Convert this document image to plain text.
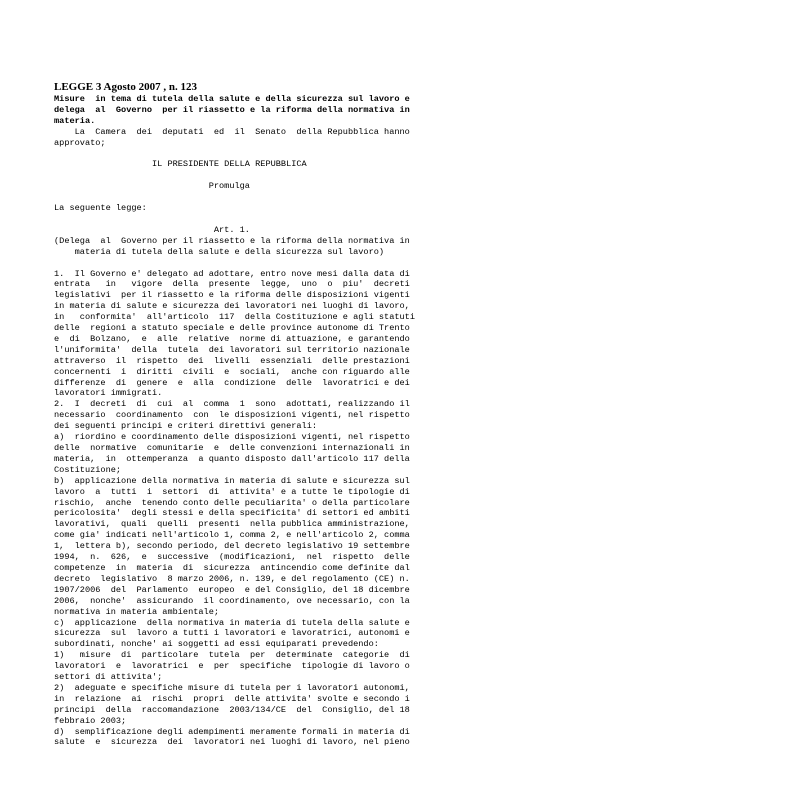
LEGGE 3 Agosto 2007 , n. 123

Misure  in tema di tutela della salute e della sicurezza sul lavoro e
delega  al  Governo  per il riassetto e la riforma della normativa in
materia.

La  Camera  dei  deputati  ed  il  Senato  della Repubblica hanno
approvato;

IL PRESIDENTE DELLA REPUBBLICA

Promulga

La seguente legge:

Art. 1.
(Delega  al  Governo per il riassetto e la riforma della normativa in
materia di tutela della salute e della sicurezza sul lavoro)

1.  Il Governo e' delegato ad adottare, entro nove mesi dalla data di
entrata   in   vigore  della  presente  legge,  uno  o  piu'  decreti
legislativi  per il riassetto e la riforma delle disposizioni vigenti
in materia di salute e sicurezza dei lavoratori nei luoghi di lavoro,
in   conformita'  all'articolo  117  della Costituzione e agli statuti
delle  regioni a statuto speciale e delle province autonome di Trento
e  di  Bolzano,  e  alle  relative  norme di attuazione, e garantendo
l'uniformita'  della  tutela  dei lavoratori sul territorio nazionale
attraverso  il  rispetto  dei  livelli  essenziali  delle prestazioni
concernenti  i  diritti  civili  e  sociali,  anche con riguardo alle
differenze  di  genere  e  alla  condizione  delle  lavoratrici e dei
lavoratori immigrati.
2.  I  decreti  di  cui  al  comma  1  sono  adottati, realizzando il
necessario  coordinamento  con  le disposizioni vigenti, nel rispetto
dei seguenti principi e criteri direttivi generali:
a)  riordino e coordinamento delle disposizioni vigenti, nel rispetto
delle  normative  comunitarie  e  delle convenzioni internazionali in
materia,  in  ottemperanza  a quanto disposto dall'articolo 117 della
Costituzione;
b)  applicazione della normativa in materia di salute e sicurezza sul
lavoro  a  tutti  i  settori  di  attivita' e a tutte le tipologie di
rischio,  anche  tenendo conto delle peculiarita' o della particolare
pericolosita'  degli stessi e della specificita' di settori ed ambiti
lavorativi,  quali  quelli  presenti  nella pubblica amministrazione,
come gia' indicati nell'articolo 1, comma 2, e nell'articolo 2, comma
1,  lettera b), secondo periodo, del decreto legislativo 19 settembre
1994,  n.  626,  e  successive  (modificazioni,  nel  rispetto  delle
competenze  in  materia  di  sicurezza  antincendio come definite dal
decreto  legislativo  8 marzo 2006, n. 139, e del regolamento (CE) n.
1907/2006  del  Parlamento  europeo  e del Consiglio, del 18 dicembre
2006,  nonche'  assicurando  il coordinamento, ove necessario, con la
normativa in materia ambientale;
c)  applicazione  della normativa in materia di tutela della salute e
sicurezza  sul  lavoro a tutti i lavoratori e lavoratrici, autonomi e
subordinati, nonche' ai soggetti ad essi equiparati prevedendo:
1)   misure  di  particolare  tutela  per  determinate  categorie  di
lavoratori  e  lavoratrici  e  per  specifiche  tipologie di lavoro o
settori di attivita';
2)  adeguate e specifiche misure di tutela per i lavoratori autonomi,
in  relazione  ai  rischi  propri  delle attivita' svolte e secondo i
principi  della  raccomandazione  2003/134/CE  del  Consiglio, del 18
febbraio 2003;
d)  semplificazione degli adempimenti meramente formali in materia di
salute  e  sicurezza  dei  lavoratori nei luoghi di lavoro, nel pieno
